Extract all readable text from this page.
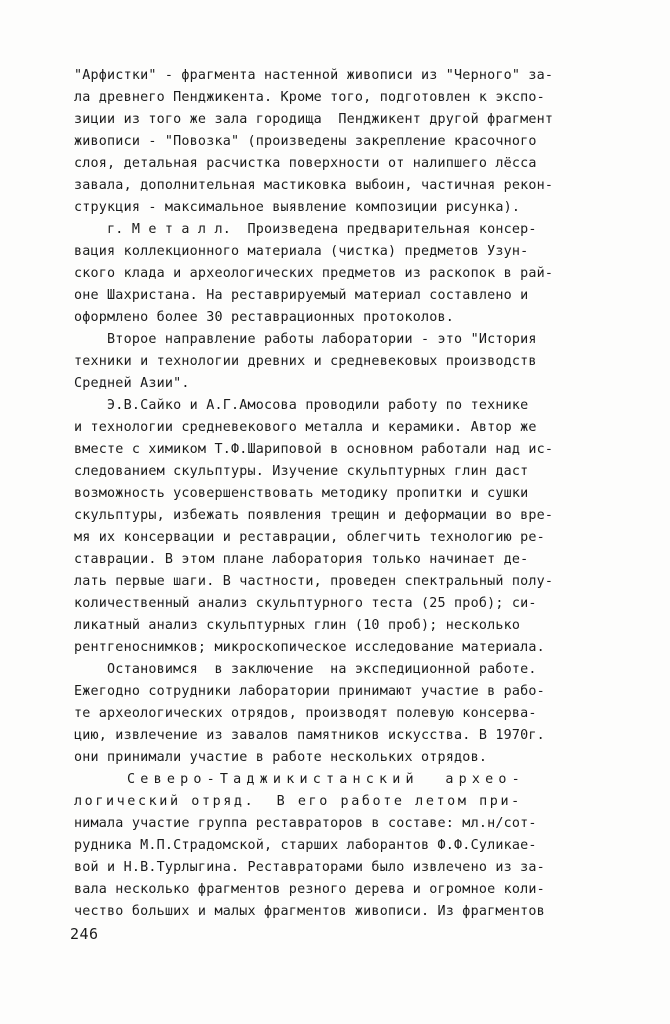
"Арфистки" - фрагмента настенной живописи из "Черного" за-
ла древнего Пенджикента. Кроме того, подготовлен к экспо-
зиции из того же зала городища  Пенджикент другой фрагмент
живописи - "Повозка" (произведены закрепление красочного
слоя, детальная расчистка поверхности от налипшего лёсса
завала, дополнительная мастиковка выбоин, частичная рекон-
струкция - максимальное выявление композиции рисунка).
г. М е т а л л.  Произведена предварительная консер-
вация коллекционного материала (чистка) предметов Узун-
ского клада и археологических предметов из раскопок в рай-
оне Шахристана. На реставрируемый материал составлено и
оформлено более 30 реставрационных протоколов.
Второе направление работы лаборатории - это "История
техники и технологии древних и средневековых производств
Средней Азии".
Э.В.Сайко и А.Г.Амосова проводили работу по технике
и технологии средневекового металла и керамики. Автор же
вместе с химиком Т.Ф.Шариповой в основном работали над ис-
следованием скульптуры. Изучение скульптурных глин даст
возможность усовершенствовать методику пропитки и сушки
скульптуры, избежать появления трещин и деформации во вре-
мя их консервации и реставрации, облегчить технологию ре-
ставрации. В этом плане лаборатория только начинает де-
лать первые шаги. В частности, проведен спектральный полу-
количественный анализ скульптурного теста (25 проб); си-
ликатный анализ скульптурных глин (10 проб); несколько
рентгеноснимков; микроскопическое исследование материала.
Остановимся  в заключение  на экспедиционной работе.
Ежегодно сотрудники лаборатории принимают участие в рабо-
те археологических отрядов, производят полевую консерва-
цию, извлечение из завалов памятников искусства. В 1970г.
они принимали участие в работе нескольких отрядов.
Северо-Таджикистанский  архео-
логический отряд.  В его работе летом при-
нимала участие группа реставраторов в составе: мл.н/сот-
рудника М.П.Страдомской, старших лаборантов Ф.Ф.Суликае-
вой и Н.В.Турлыгина. Реставраторами было извлечено из за-
вала несколько фрагментов резного дерева и огромное коли-
чество больших и малых фрагментов живописи. Из фрагментов
246
